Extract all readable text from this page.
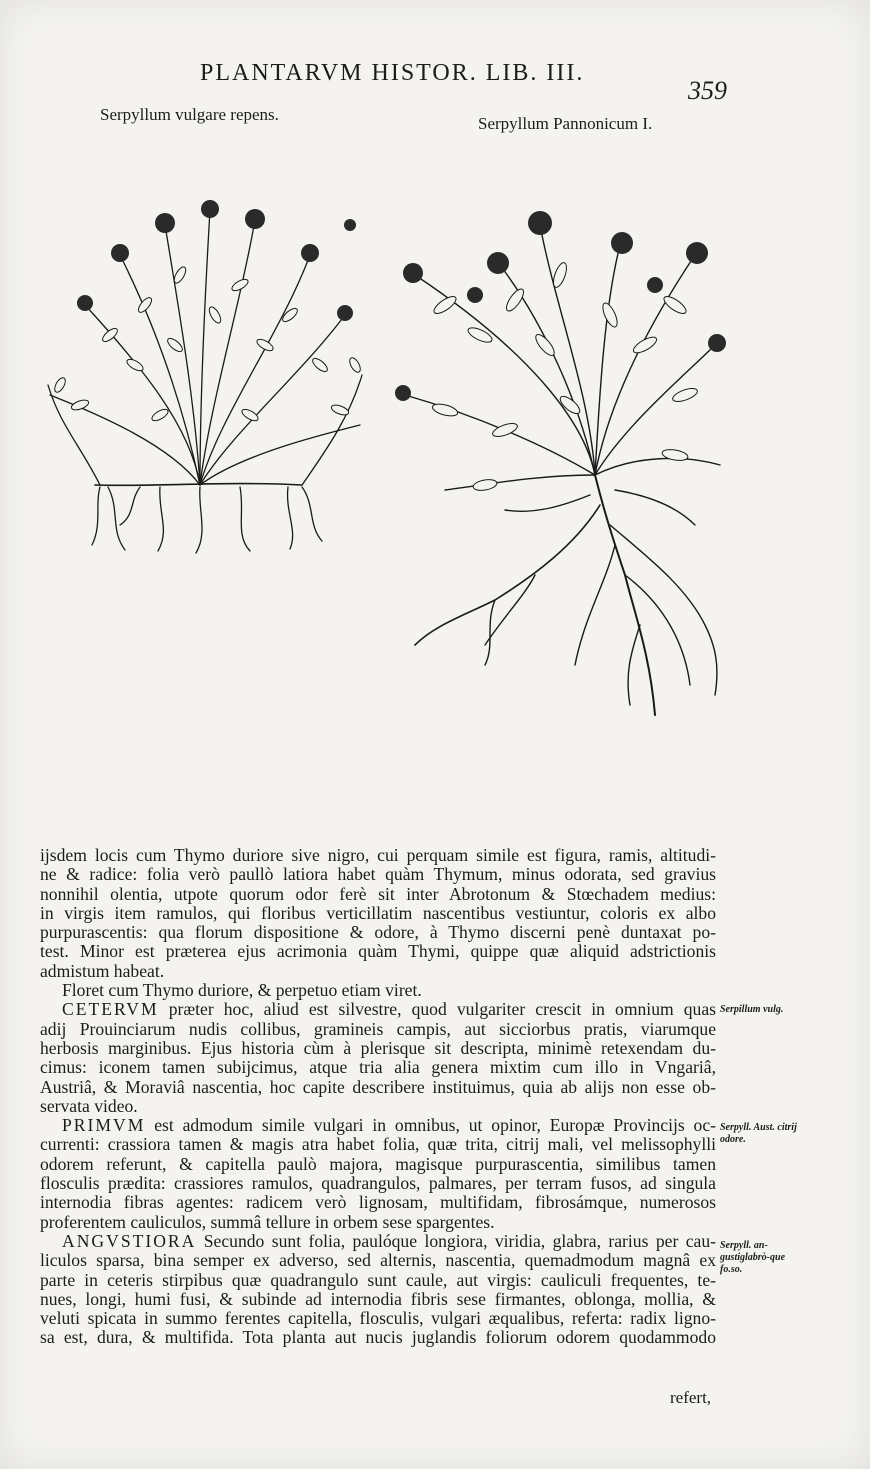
PLANTARVM HISTOR. LIB. III.
359
Serpyllum vulgare repens.	Serpyllum Pannonicum I.

ijsdem locis cum Thymo duriore sive nigro, cui perquam simile est figura, ramis, altitudi-
ne & radice: folia verò paullò latiora habet quàm Thymum, minus odorata, sed gravius
nonnihil olentia, utpote quorum odor ferè sit inter Abrotonum & Stœchadem medius:
in virgis item ramulos, qui floribus verticillatim nascentibus vestiuntur, coloris ex albo
purpurascentis: qua florum dispositione & odore, à Thymo discerni penè duntaxat po-
test. Minor est præterea ejus acrimonia quàm Thymi, quippe quæ aliquid adstrictionis
admistum habeat.

Floret cum Thymo duriore, & perpetuo etiam viret.

CETERVM præter hoc, aliud est silvestre, quod vulgariter crescit in omnium quas
adij Prouinciarum nudis collibus, gramineis campis, aut sicciorbus pratis, viarumque
herbosis marginibus. Ejus historia cùm à plerisque sit descripta, minimè retexendam du-
cimus: iconem tamen subijcimus, atque tria alia genera mixtim cum illo in Vngariâ,
Austriâ, & Moraviâ nascentia, hoc capite describere instituimus, quia ab alijs non esse ob-
servata video.

PRIMVM est admodum simile vulgari in omnibus, ut opinor, Europæ Provincijs oc-
currenti: crassiora tamen & magis atra habet folia, quæ trita, citrij mali, vel melissophylli
odorem referunt, & capitella paulò majora, magisque purpurascentia, similibus tamen
flosculis prædita: crassiores ramulos, quadrangulos, palmares, per terram fusos, ad singula
internodia fibras agentes: radicem verò lignosam, multifidam, fibrosámque, numerosos
proferentem cauliculos, summâ tellure in orbem sese spargentes.

ANGVSTIORA Secundo sunt folia, paulóque longiora, viridia, glabra, rarius per cau-
liculos sparsa, bina semper ex adverso, sed alternis, nascentia, quemadmodum magnâ ex
parte in ceteris stirpibus quæ quadrangulo sunt caule, aut virgis: cauliculi frequentes, te-
nues, longi, humi fusi, & subinde ad internodia fibris sese firmantes, oblonga, mollia, &
veluti spicata in summo ferentes capitella, flosculis, vulgari æqualibus, referta: radix ligno-
sa est, dura, & multifida. Tota planta aut nucis juglandis foliorum odorem quodammodo

refert,
Serpillum vulg.
Serpyll. Aust. citrij odore.
Serpyll. an-gustiglabrò-que fo.so.
